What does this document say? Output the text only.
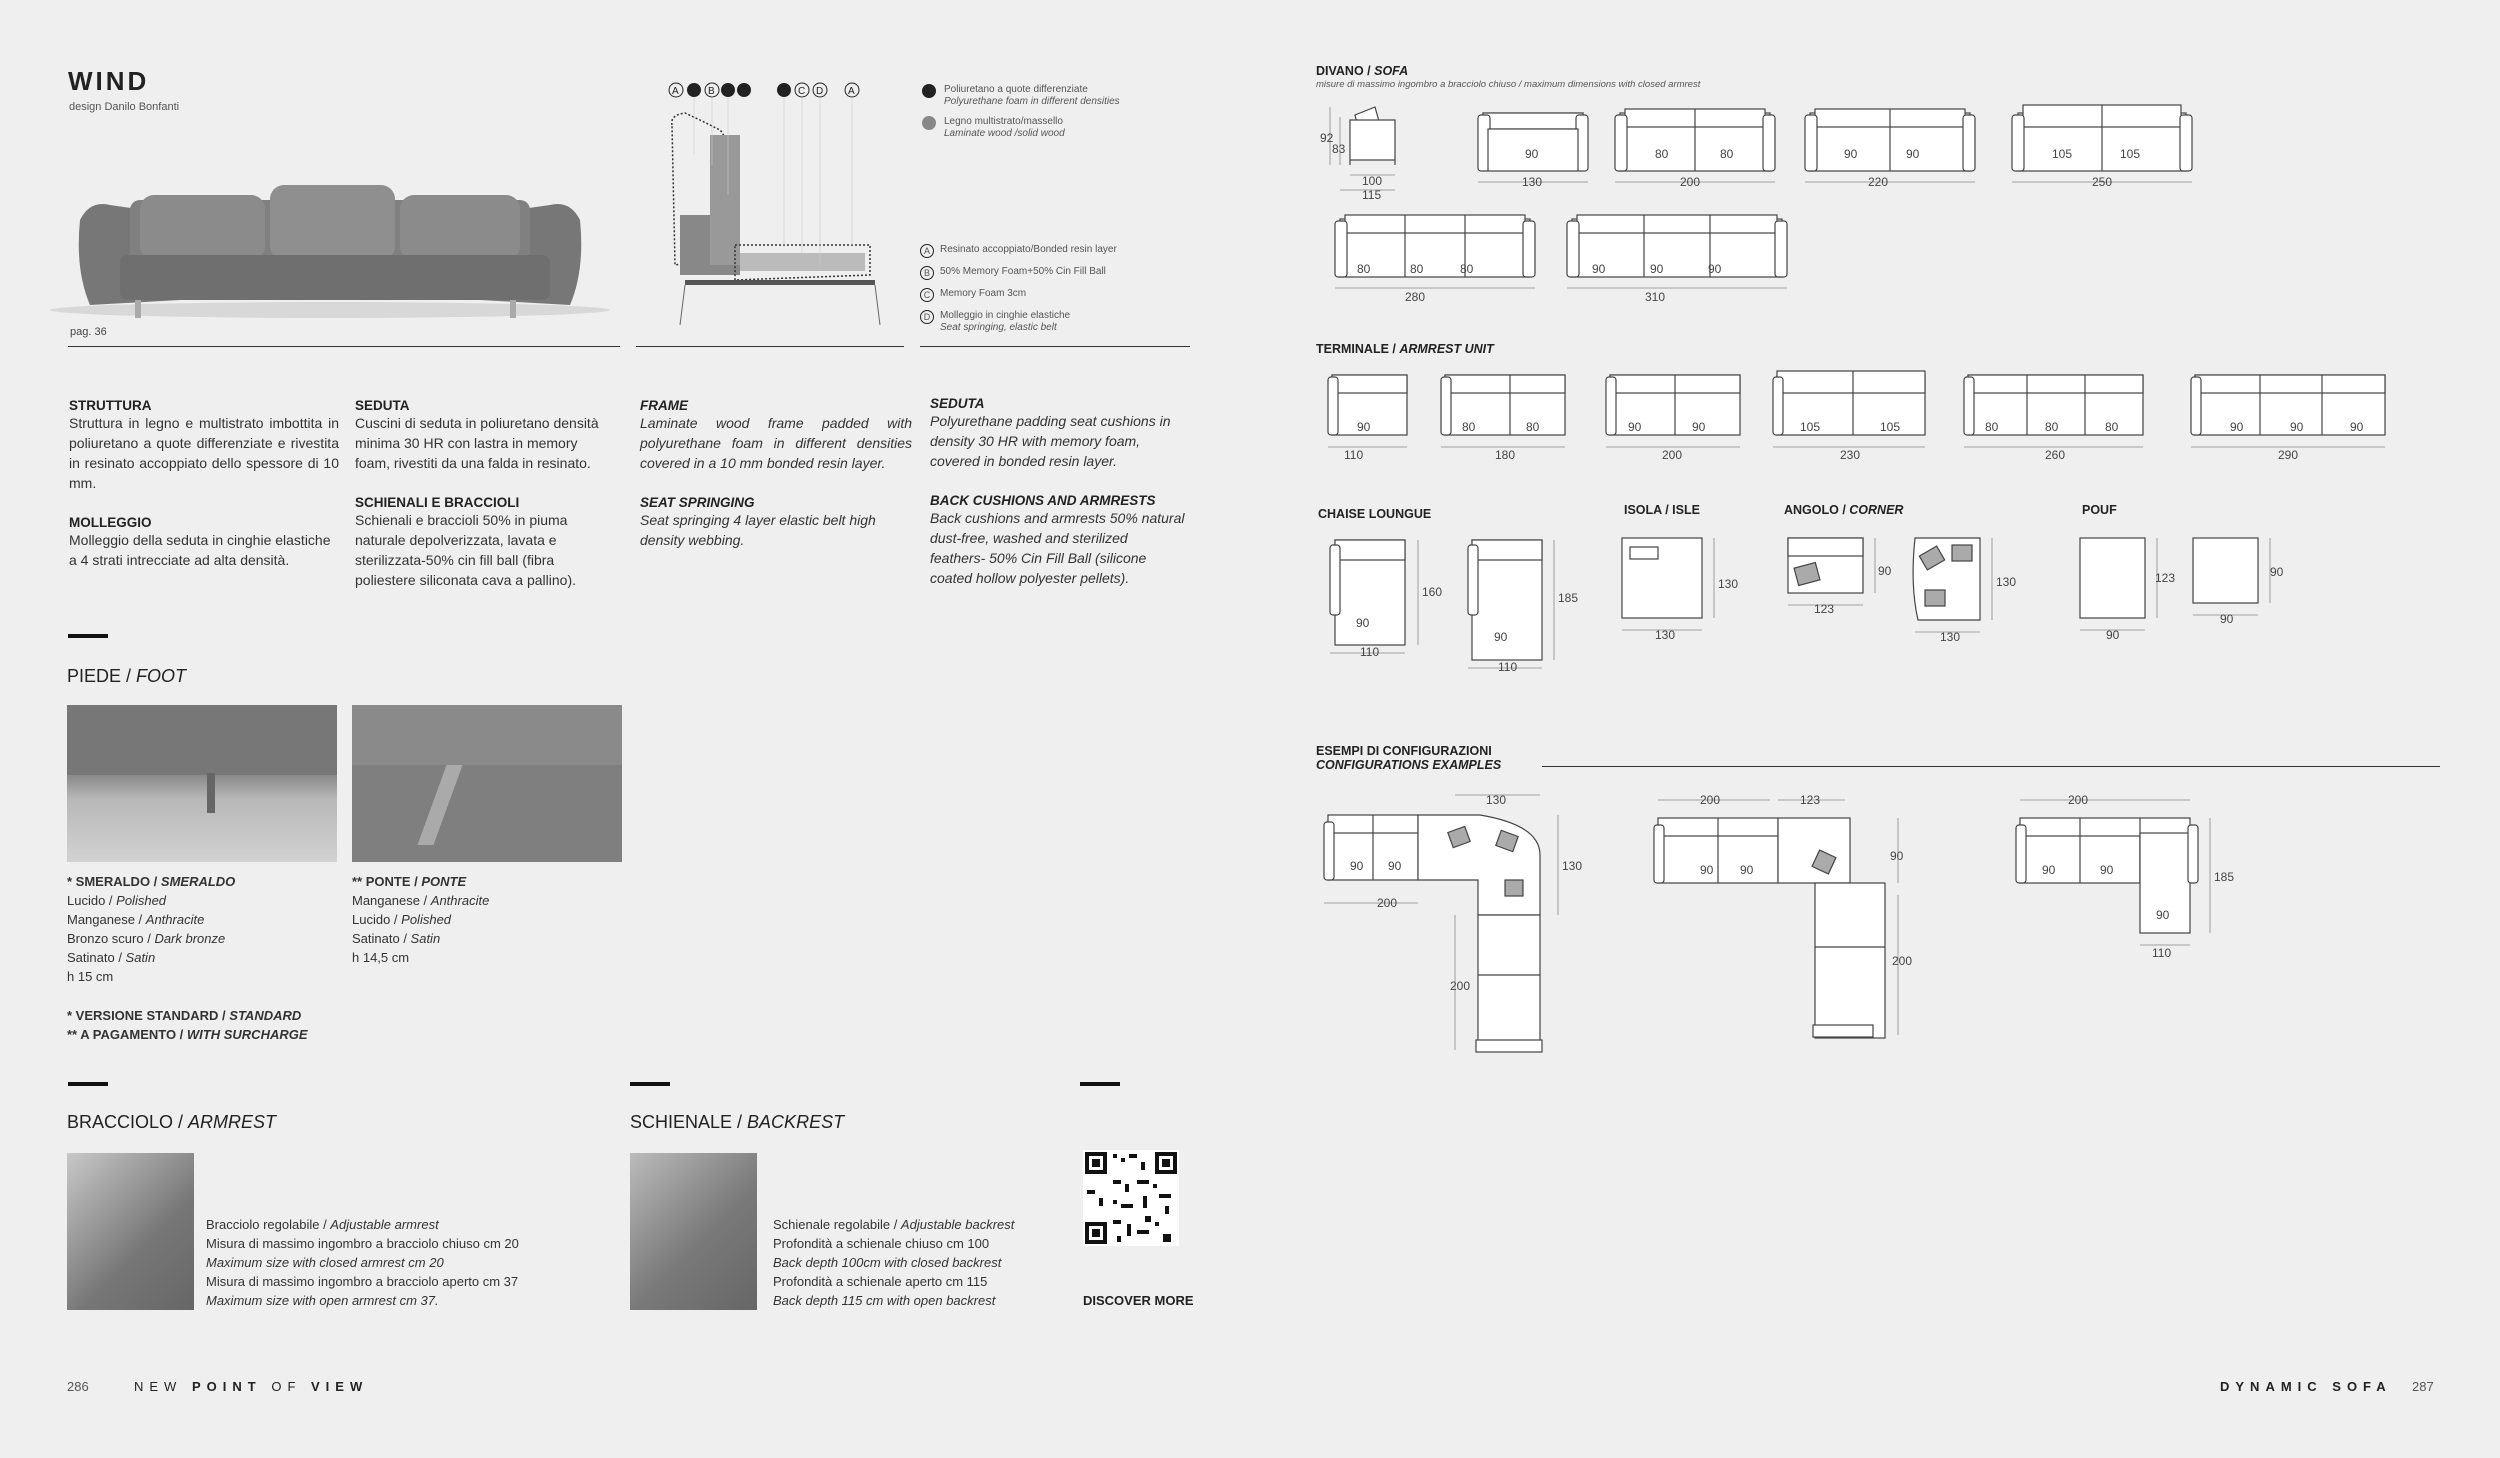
WIND
design Danilo Bonfanti
pag. 36
A	B	C D A	Poliuretano a quote differenziate
Polyurethane foam in different densities
Legno multistrato/massello
Laminate wood /solid wood
A	Resinato accoppiato/Bonded resin layer
B	50% Memory Foam+50% Cin Fill Ball
C Memory Foam 3cm
D Molleggio in cinghie elastiche
Seat springing, elastic belt
STRUTTURA
Struttura in legno e multistrato imbottita in poliuretano a quote differenziate e rivestita in resinato accoppiato dello spessore di 10 mm.
MOLLEGGIO
Molleggio della seduta in cinghie elastiche a 4 strati intrecciate ad alta densità.
SEDUTA
Cuscini di seduta in poliuretano densità minima 30 HR con lastra in memory foam, rivestiti da una falda in resinato.
SCHIENALI E BRACCIOLI
Schienali e braccioli 50% in piuma naturale depolverizzata, lavata e sterilizzata-50% cin fill ball (fibra poliestere siliconata cava a pallino).
FRAME
Laminate wood frame padded with polyurethane foam in different densities covered in a 10 mm bonded resin layer.
SEAT SPRINGING
Seat springing 4 layer elastic belt high density webbing.
SEDUTA
Polyurethane padding seat cushions in density 30 HR with memory foam, covered in bonded resin layer.
BACK CUSHIONS AND ARMRESTS
Back cushions and armrests 50% natural dust-free, washed and sterilized feathers- 50% Cin Fill Ball (silicone coated hollow polyester pellets).
PIEDE / FOOT
* SMERALDO / SMERALDO
Lucido / Polished
Manganese / Anthracite
Bronzo scuro / Dark bronze
Satinato / Satin
h 15 cm
** PONTE / PONTE
Manganese / Anthracite
Lucido / Polished
Satinato / Satin
h 14,5 cm
* VERSIONE STANDARD / STANDARD
** A PAGAMENTO / WITH SURCHARGE
BRACCIOLO / ARMREST
Bracciolo regolabile / Adjustable armrest
Misura di massimo ingombro a bracciolo chiuso cm 20
Maximum size with closed armrest cm 20
Misura di massimo ingombro a bracciolo aperto cm 37
Maximum size with open armrest cm 37.
SCHIENALE / BACKREST
Schienale regolabile / Adjustable backrest
Profondità a schienale chiuso cm 100
Back depth 100cm with closed backrest
Profondità a schienale aperto cm 115
Back depth 115 cm with open backrest	DISCOVER MORE
286	NEW POINT OF VIEW	DYNAMIC SOFA 287
DIVANO / SOFA
misure di massimo ingombro a bracciolo chiuso / maximum dimensions with closed armrest
92
83
100
115
90
130
80	80
200
90	90
220
105	105
250
80	80	80
280
90	90	90
310
90
110
80	80
180
90	90
200
105	105
230
80	80	80
260
90	90	90
290
90
160
110
90
185
110
130
130
90
123
130
130
123
90
90
90
130
90 90
200
130
200
200	123
90 90
90
200
200
90	90	185
90
110
TERMINALE / ARMREST UNIT
CHAISE LOUNGUE	ISOLA / ISLE	ANGOLO / CORNER	POUF
ESEMPI DI CONFIGURAZIONI
CONFIGURATIONS EXAMPLES
